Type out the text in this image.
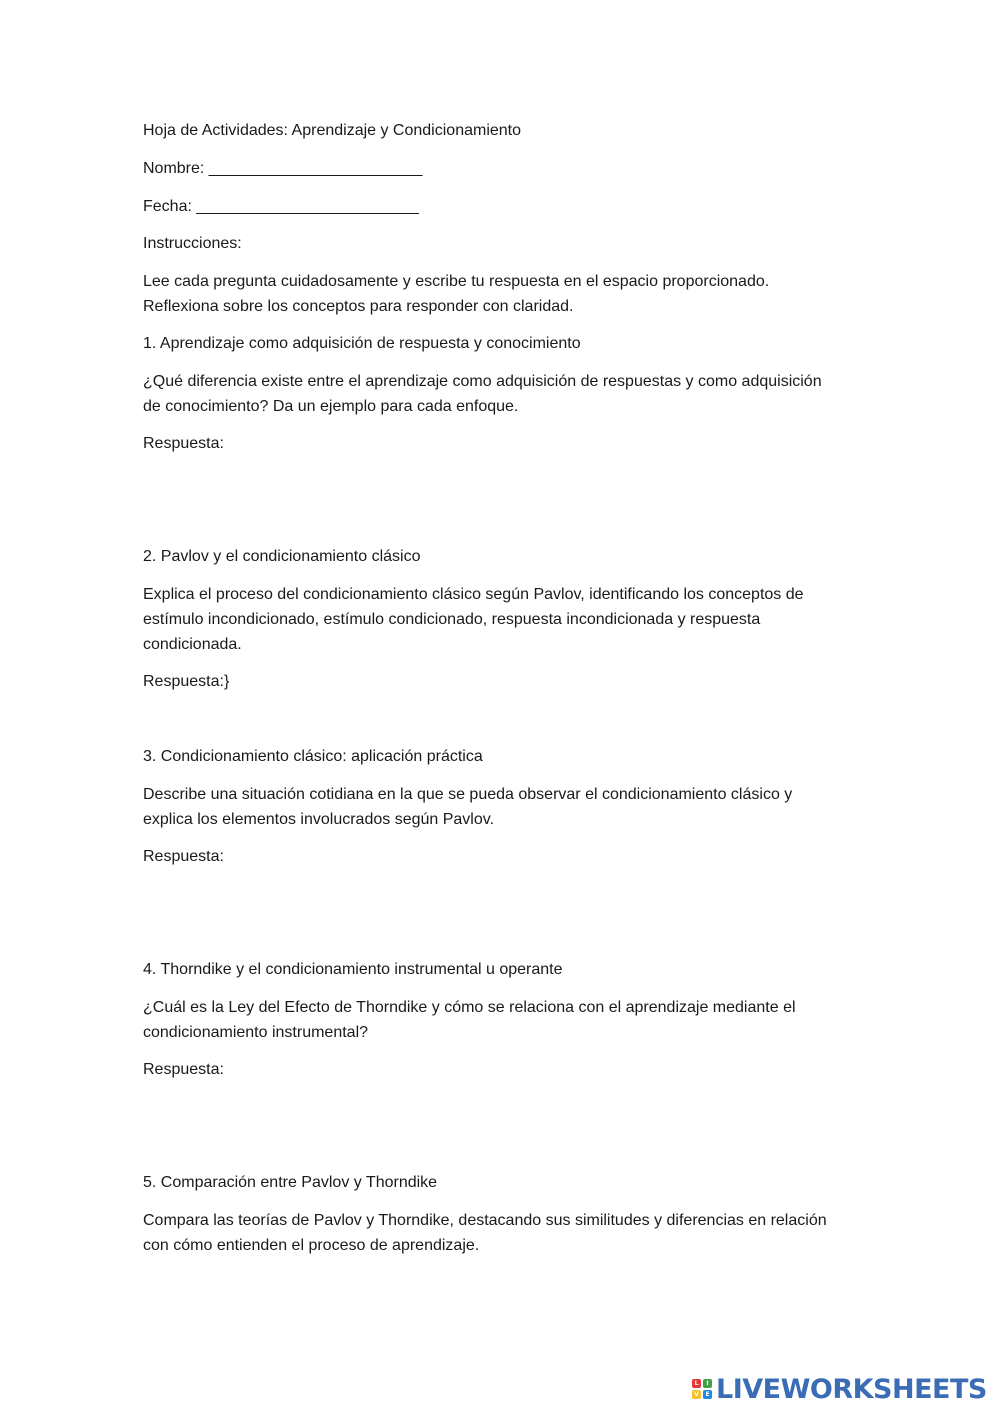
Hoja de Actividades: Aprendizaje y Condicionamiento

Nombre: ________________________

Fecha: _________________________

Instrucciones:

Lee cada pregunta cuidadosamente y escribe tu respuesta en el espacio proporcionado.

Reflexiona sobre los conceptos para responder con claridad.

1. Aprendizaje como adquisición de respuesta y conocimiento

¿Qué diferencia existe entre el aprendizaje como adquisición de respuestas y como adquisición

de conocimiento? Da un ejemplo para cada enfoque.

Respuesta:

2. Pavlov y el condicionamiento clásico

Explica el proceso del condicionamiento clásico según Pavlov, identificando los conceptos de

estímulo incondicionado, estímulo condicionado, respuesta incondicionada y respuesta

condicionada.

Respuesta:}

3. Condicionamiento clásico: aplicación práctica

Describe una situación cotidiana en la que se pueda observar el condicionamiento clásico y

explica los elementos involucrados según Pavlov.

Respuesta:

4. Thorndike y el condicionamiento instrumental u operante

¿Cuál es la Ley del Efecto de Thorndike y cómo se relaciona con el aprendizaje mediante el

condicionamiento instrumental?

Respuesta:

5. Comparación entre Pavlov y Thorndike

Compara las teorías de Pavlov y Thorndike, destacando sus similitudes y diferencias en relación

con cómo entienden el proceso de aprendizaje.

L	I
V	E LIVEWORKSHEETS
